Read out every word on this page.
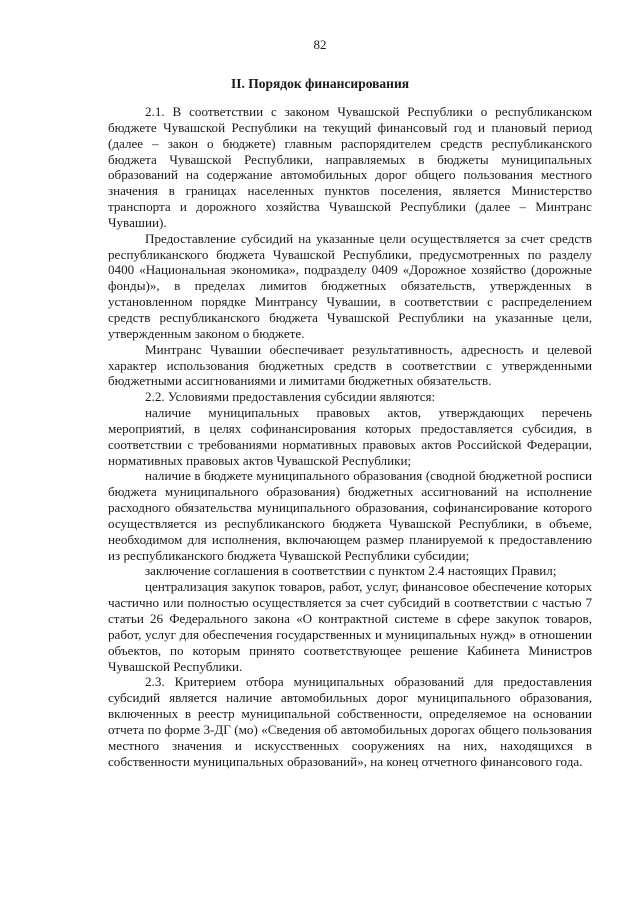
82
II. Порядок финансирования

2.1. В соответствии с законом Чувашской Республики о республиканском бюджете Чувашской Республики на текущий финансовый год и плановый период (далее – закон о бюджете) главным распорядителем средств республиканского бюджета Чувашской Республики, направляемых в бюджеты муниципальных образований на содержание автомобильных дорог общего пользования местного значения в границах населенных пунктов поселения, является Министерство транспорта и дорожного хозяйства Чувашской Республики (далее – Минтранс Чувашии).

Предоставление субсидий на указанные цели осуществляется за счет средств республиканского бюджета Чувашской Республики, предусмотренных по разделу 0400 «Национальная экономика», подразделу 0409 «Дорожное хозяйство (дорожные фонды)», в пределах лимитов бюджетных обязательств, утвержденных в установленном порядке Минтрансу Чувашии, в соответствии с распределением средств республиканского бюджета Чувашской Республики на указанные цели, утвержденным законом о бюджете.

Минтранс Чувашии обеспечивает результативность, адресность и целевой характер использования бюджетных средств в соответствии с утвержденными бюджетными ассигнованиями и лимитами бюджетных обязательств.

2.2. Условиями предоставления субсидии являются:

наличие муниципальных правовых актов, утверждающих перечень мероприятий, в целях софинансирования которых предоставляется субсидия, в соответствии с требованиями нормативных правовых актов Российской Федерации, нормативных правовых актов Чувашской Республики;

наличие в бюджете муниципального образования (сводной бюджетной росписи бюджета муниципального образования) бюджетных ассигнований на исполнение расходного обязательства муниципального образования, софинансирование которого осуществляется из республиканского бюджета Чувашской Республики, в объеме, необходимом для исполнения, включающем размер планируемой к предоставлению из республиканского бюджета Чувашской Республики субсидии;

заключение соглашения в соответствии с пунктом 2.4 настоящих Правил;

централизация закупок товаров, работ, услуг, финансовое обеспечение которых частично или полностью осуществляется за счет субсидий в соответствии с частью 7 статьи 26 Федерального закона «О контрактной системе в сфере закупок товаров, работ, услуг для обеспечения государственных и муниципальных нужд» в отношении объектов, по которым принято соответствующее решение Кабинета Министров Чувашской Республики.

2.3. Критерием отбора муниципальных образований для предоставления субсидий является наличие автомобильных дорог муниципального образования, включенных в реестр муниципальной собственности, определяемое на основании отчета по форме 3-ДГ (мо) «Сведения об автомобильных дорогах общего пользования местного значения и искусственных сооружениях на них, находящихся в собственности муниципальных образований», на конец отчетного финансового года.
